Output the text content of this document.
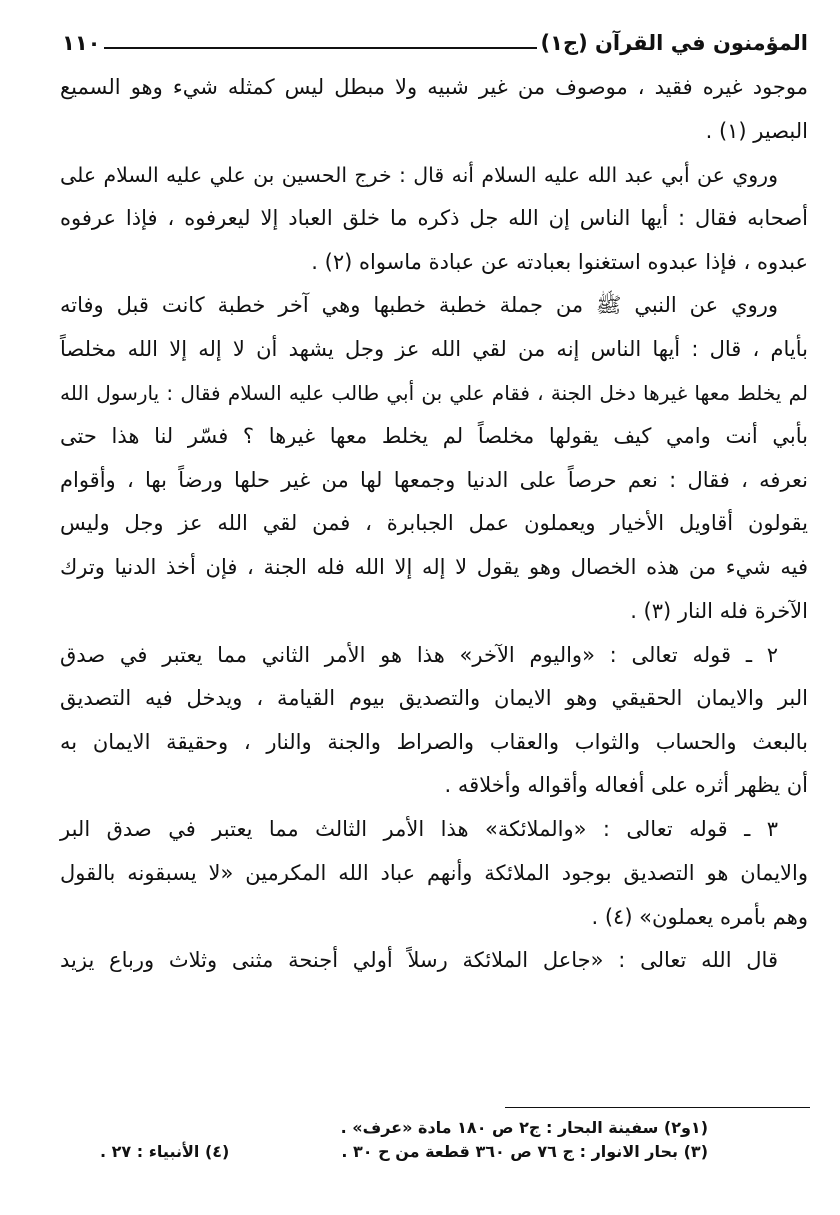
المؤمنون في القرآن (ج١)
١١٠
موجود غيره فقيد ، موصوف من غير شبيه ولا مبطل ليس كمثله شيء وهو السميع
البصير (١) .
وروي عن أبي عبد الله عليه السلام أنه قال : خرج الحسين بن علي عليه السلام على
أصحابه فقال : أيها الناس إن الله جل ذكره ما خلق العباد إلا ليعرفوه ، فإذا عرفوه
عبدوه ، فإذا عبدوه استغنوا بعبادته عن عبادة ماسواه (٢) .
وروي عن النبي ﷺ من جملة خطبة خطبها وهي آخر خطبة كانت قبل وفاته
بأيام ، قال : أيها الناس إنه من لقي الله عز وجل يشهد أن لا إله إلا الله مخلصاً
لم يخلط معها غيرها دخل الجنة ، فقام علي بن أبي طالب عليه السلام فقال : يارسول الله
بأبي أنت وامي كيف يقولها مخلصاً لم يخلط معها غيرها ؟ فسّر لنا هذا حتى
نعرفه ، فقال : نعم حرصاً على الدنيا وجمعها لها من غير حلها ورضاً بها ، وأقوام
يقولون أقاويل الأخيار ويعملون عمل الجبابرة ، فمن لقي الله عز وجل وليس
فيه شيء من هذه الخصال وهو يقول لا إله إلا الله فله الجنة ، فإن أخذ الدنيا وترك
الآخرة فله النار (٣) .
٢ ـ قوله تعالى : «واليوم الآخر» هذا هو الأمر الثاني مما يعتبر في صدق
البر والايمان الحقيقي وهو الايمان والتصديق بيوم القيامة ، ويدخل فيه التصديق
بالبعث والحساب والثواب والعقاب والصراط والجنة والنار ، وحقيقة الايمان به
أن يظهر أثره على أفعاله وأقواله وأخلاقه .
٣ ـ قوله تعالى : «والملائكة» هذا الأمر الثالث مما يعتبر في صدق البر
والايمان هو التصديق بوجود الملائكة وأنهم عباد الله المكرمين «لا يسبقونه بالقول
وهم بأمره يعملون» (٤) .
قال الله تعالى : «جاعل الملائكة رسلاً أولي أجنحة مثنى وثلاث ورباع يزيد
(١و٢) سفينة البحار : ج٢ ص ١٨٠ مادة «عرف» .
(٣) بحار الانوار : ج ٧٦ ص ٣٦٠ قطعة من ح ٣٠ .
(٤) الأنبياء : ٢٧ .
